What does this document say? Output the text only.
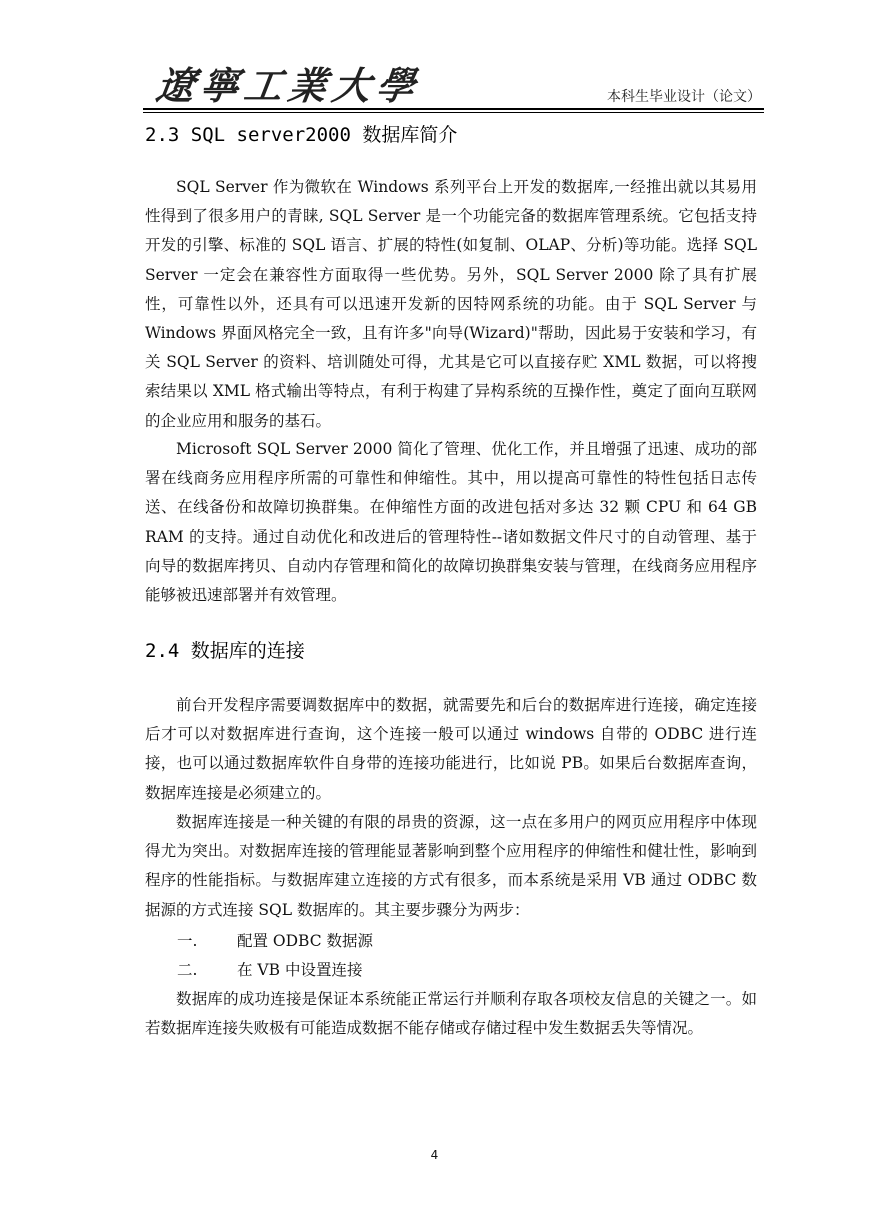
遼寧工業大學	本科生毕业设计（论文）
2.3 SQL server2000 数据库简介

SQL Server 作为微软在 Windows 系列平台上开发的数据库,一经推出就以其易用性得到了很多用户的青睐, SQL Server 是一个功能完备的数据库管理系统。它包括支持开发的引擎、标准的 SQL 语言、扩展的特性(如复制、OLAP、分析)等功能。选择 SQL Server 一定会在兼容性方面取得一些优势。另外，SQL Server 2000 除了具有扩展性，可靠性以外，还具有可以迅速开发新的因特网系统的功能。由于 SQL Server 与 Windows 界面风格完全一致，且有许多"向导(Wizard)"帮助，因此易于安装和学习，有关 SQL Server 的资料、培训随处可得，尤其是它可以直接存贮 XML 数据，可以将搜索结果以 XML 格式输出等特点，有利于构建了异构系统的互操作性，奠定了面向互联网的企业应用和服务的基石。

Microsoft SQL Server 2000 简化了管理、优化工作，并且增强了迅速、成功的部署在线商务应用程序所需的可靠性和伸缩性。其中，用以提高可靠性的特性包括日志传送、在线备份和故障切换群集。在伸缩性方面的改进包括对多达 32 颗 CPU 和 64 GB RAM 的支持。通过自动优化和改进后的管理特性--诸如数据文件尺寸的自动管理、基于向导的数据库拷贝、自动内存管理和简化的故障切换群集安装与管理，在线商务应用程序能够被迅速部署并有效管理。

2.4 数据库的连接

前台开发程序需要调数据库中的数据，就需要先和后台的数据库进行连接，确定连接后才可以对数据库进行查询，这个连接一般可以通过 windows 自带的 ODBC 进行连接，也可以通过数据库软件自身带的连接功能进行，比如说 PB。如果后台数据库查询，数据库连接是必须建立的。

数据库连接是一种关键的有限的昂贵的资源，这一点在多用户的网页应用程序中体现得尤为突出。对数据库连接的管理能显著影响到整个应用程序的伸缩性和健壮性，影响到程序的性能指标。与数据库建立连接的方式有很多，而本系统是采用 VB 通过 ODBC 数据源的方式连接 SQL 数据库的。其主要步骤分为两步：

一.	配置 ODBC 数据源
二.	在 VB 中设置连接

数据库的成功连接是保证本系统能正常运行并顺利存取各项校友信息的关键之一。如若数据库连接失败极有可能造成数据不能存储或存储过程中发生数据丢失等情况。

4
